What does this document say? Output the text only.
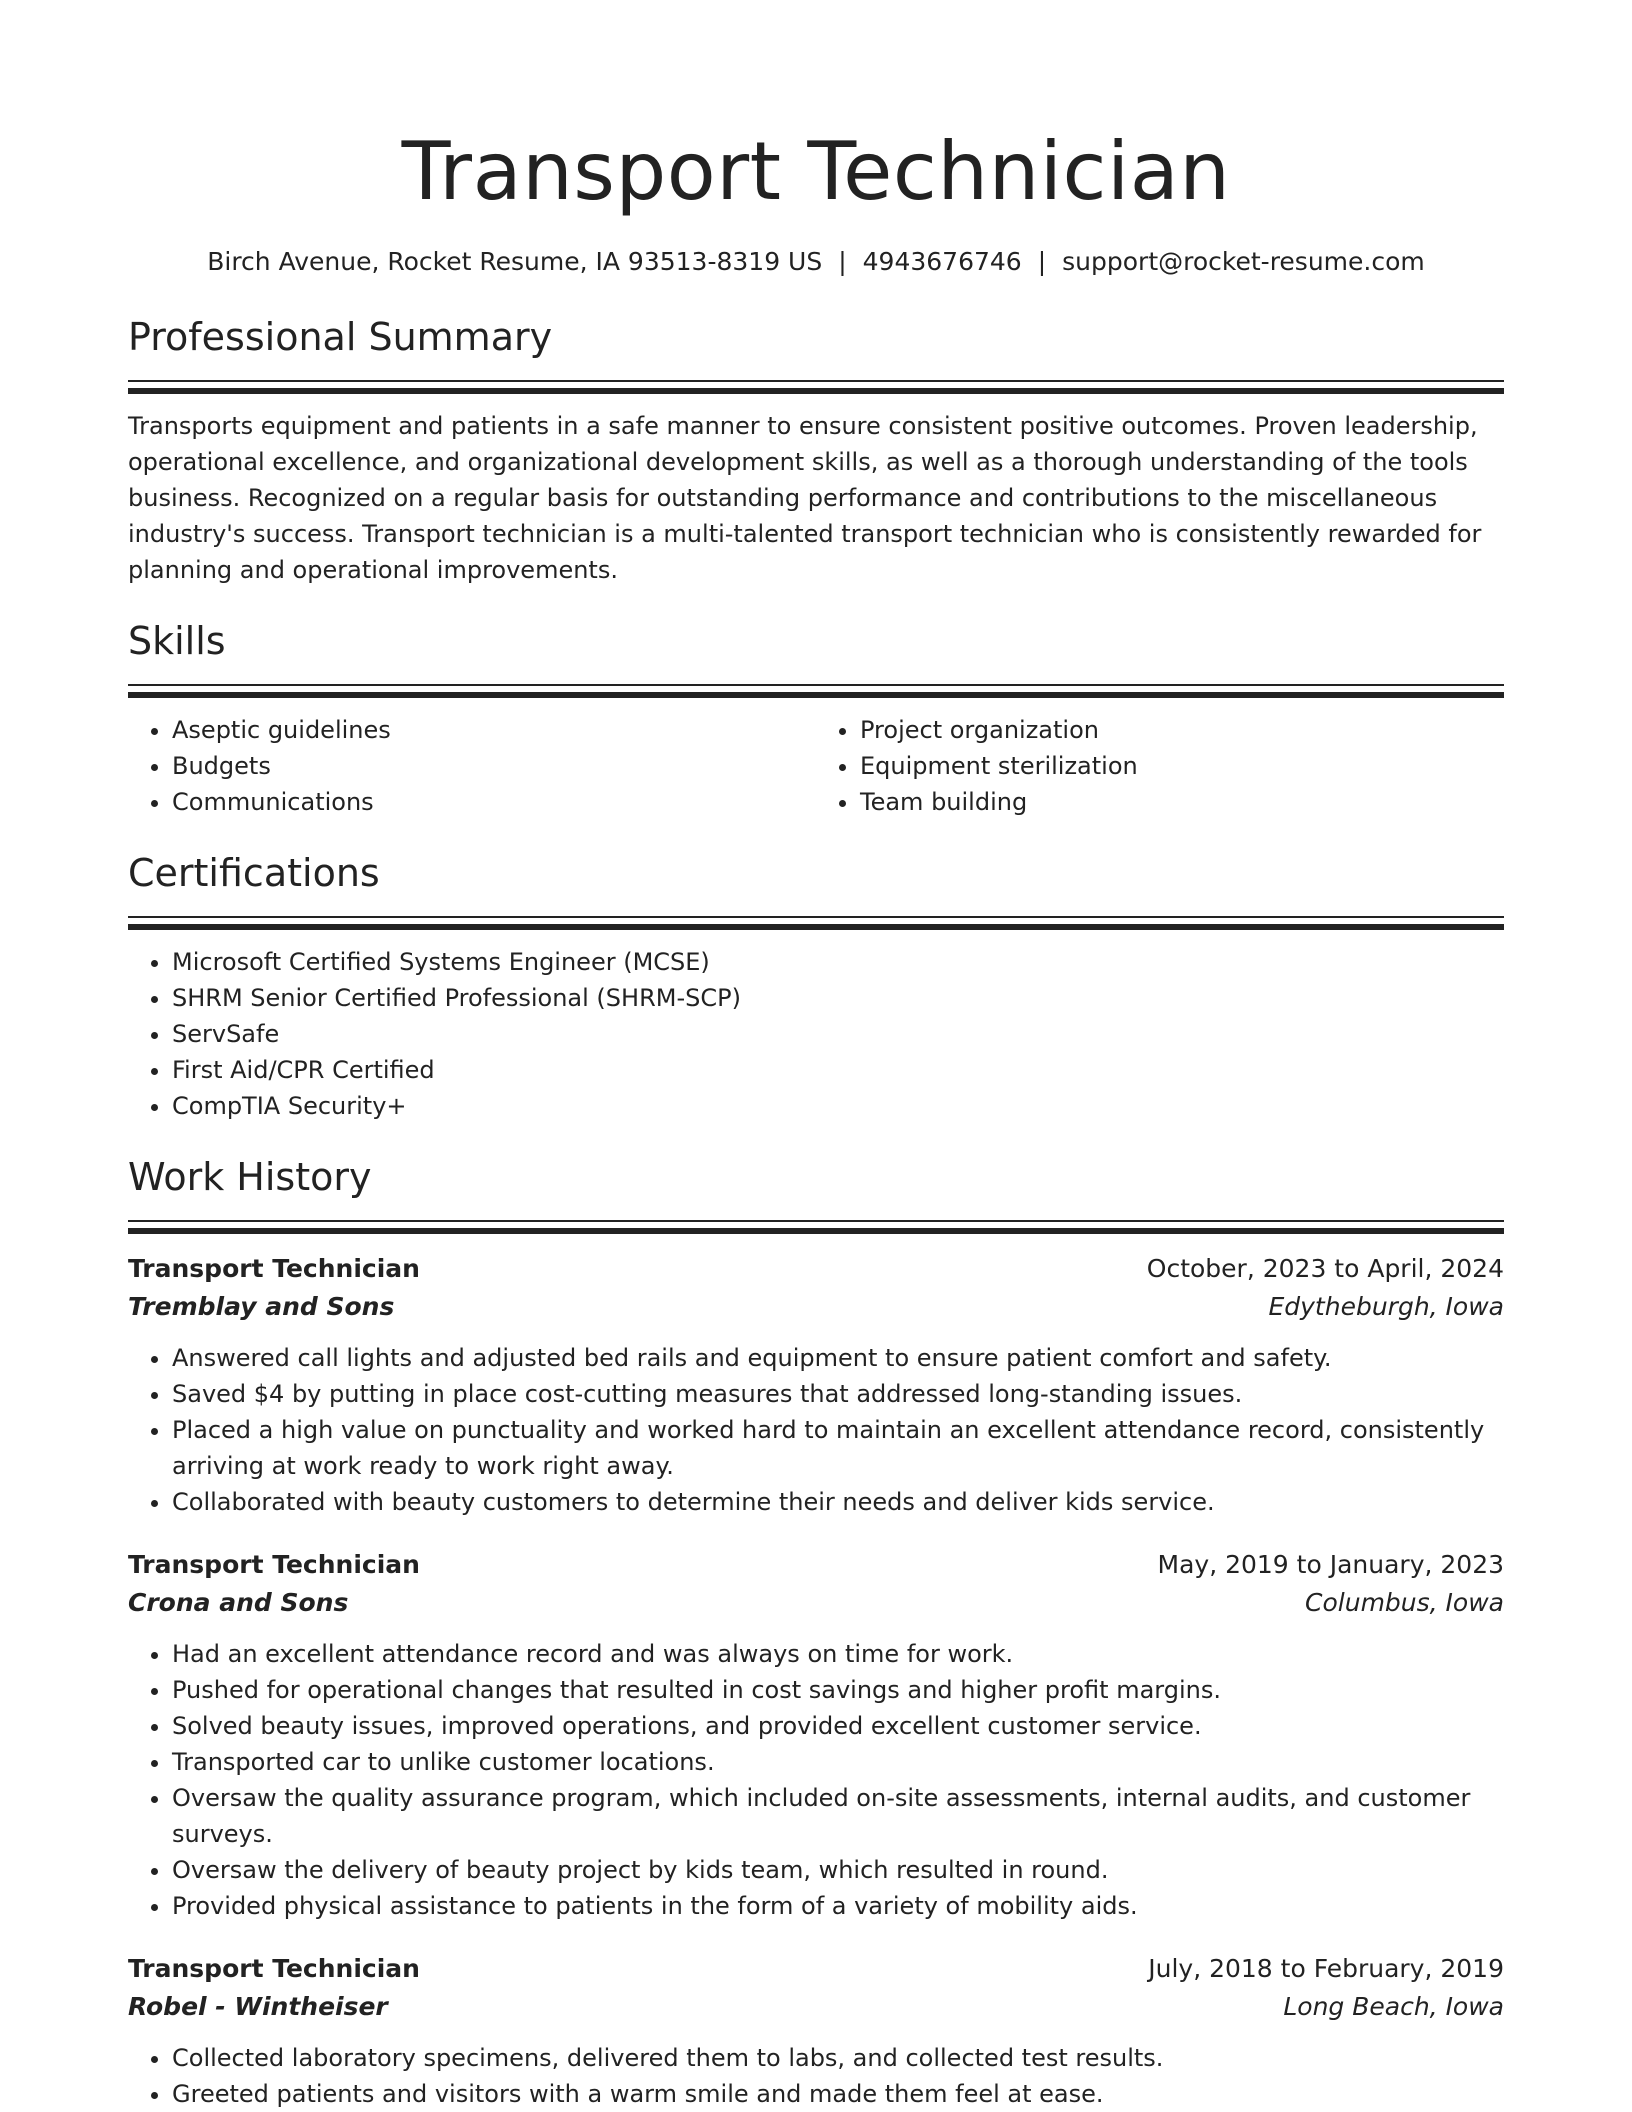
Transport Technician
Birch Avenue, Rocket Resume, IA 93513-8319 US | 4943676746 | support@rocket-resume.com
Professional Summary

Transports equipment and patients in a safe manner to ensure consistent positive outcomes. Proven leadership, operational excellence, and organizational development skills, as well as a thorough understanding of the tools business. Recognized on a regular basis for outstanding performance and contributions to the miscellaneous industry's success. Transport technician is a multi-talented transport technician who is consistently rewarded for planning and operational improvements.

Skills
• Aseptic guidelines
• Budgets
• Communications
• Project organization
• Equipment sterilization
• Team building
Certifications
• Microsoft Certified Systems Engineer (MCSE)
• SHRM Senior Certified Professional (SHRM-SCP)
• ServSafe
• First Aid/CPR Certified
• CompTIA Security+
Work History
Transport Technician	October, 2023 to April, 2024
Tremblay and Sons	Edytheburgh, Iowa
• Answered call lights and adjusted bed rails and equipment to ensure patient comfort and safety.
• Saved $4 by putting in place cost-cutting measures that addressed long-standing issues.
• Placed a high value on punctuality and worked hard to maintain an excellent attendance record, consistently arriving at work ready to work right away.
• Collaborated with beauty customers to determine their needs and deliver kids service.
Transport Technician	May, 2019 to January, 2023
Crona and Sons	Columbus, Iowa
• Had an excellent attendance record and was always on time for work.
• Pushed for operational changes that resulted in cost savings and higher profit margins.
• Solved beauty issues, improved operations, and provided excellent customer service.
• Transported car to unlike customer locations.
• Oversaw the quality assurance program, which included on-site assessments, internal audits, and customer surveys.
• Oversaw the delivery of beauty project by kids team, which resulted in round.
• Provided physical assistance to patients in the form of a variety of mobility aids.
Transport Technician	July, 2018 to February, 2019
Robel - Wintheiser	Long Beach, Iowa
• Collected laboratory specimens, delivered them to labs, and collected test results.
• Greeted patients and visitors with a warm smile and made them feel at ease.
